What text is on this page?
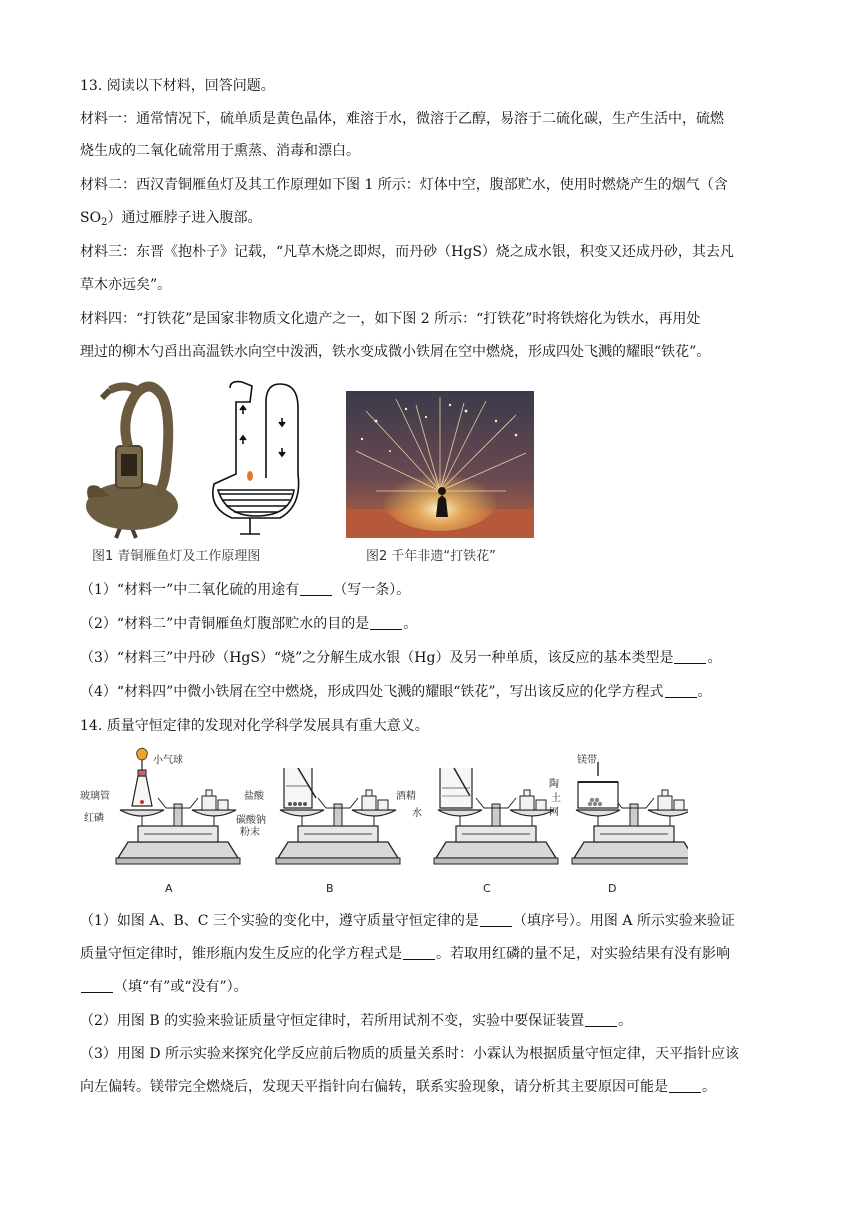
13. 阅读以下材料，回答问题。
材料一：通常情况下，硫单质是黄色晶体，难溶于水，微溶于乙醇，易溶于二硫化碳，生产生活中，硫燃
烧生成的二氧化硫常用于熏蒸、消毒和漂白。
材料二：西汉青铜雁鱼灯及其工作原理如下图 1 所示：灯体中空，腹部贮水，使用时燃烧产生的烟气（含
$SO_2$）通过雁脖子进入腹部。
材料三：东晋《抱朴子》记载，“凡草木烧之即烬，而丹砂（HgS）烧之成水银，积变又还成丹砂，其去凡
草木亦远矣”。
材料四：“打铁花”是国家非物质文化遗产之一，如下图 2 所示：“打铁花”时将铁熔化为铁水，再用处
理过的柳木勺舀出高温铁水向空中泼洒，铁水变成微小铁屑在空中燃烧，形成四处飞溅的耀眼“铁花”。
图1 青铜雁鱼灯及工作原理图	图2 千年非遗“打铁花”
（1）“材料一”中二氧化硫的用途有 （写一条）。
（2）“材料二”中青铜雁鱼灯腹部贮水的目的是 。
（3）“材料三”中丹砂（HgS）“烧”之分解生成水银（Hg）及另一种单质，该反应的基本类型是 。
（4）“材料四”中微小铁屑在空中燃烧，形成四处飞溅的耀眼“铁花”，写出该反应的化学方程式 。
14. 质量守恒定律的发现对化学科学发展具有重大意义。
小气球
玻璃管
红磷
盐酸
碳酸钠
粉末
酒精
水
镁带
陶
土
网
A	B	C	D
（1）如图 A、B、C 三个实验的变化中，遵守质量守恒定律的是 （填序号）。用图 A 所示实验来验证
质量守恒定律时，锥形瓶内发生反应的化学方程式是 。若取用红磷的量不足，对实验结果有没有影响
（填“有”或“没有”）。
（2）用图 B 的实验来验证质量守恒定律时，若所用试剂不变，实验中要保证装置 。
（3）用图 D 所示实验来探究化学反应前后物质的质量关系时：小霖认为根据质量守恒定律，天平指针应该
向左偏转。镁带完全燃烧后，发现天平指针向右偏转，联系实验现象，请分析其主要原因可能是 。
